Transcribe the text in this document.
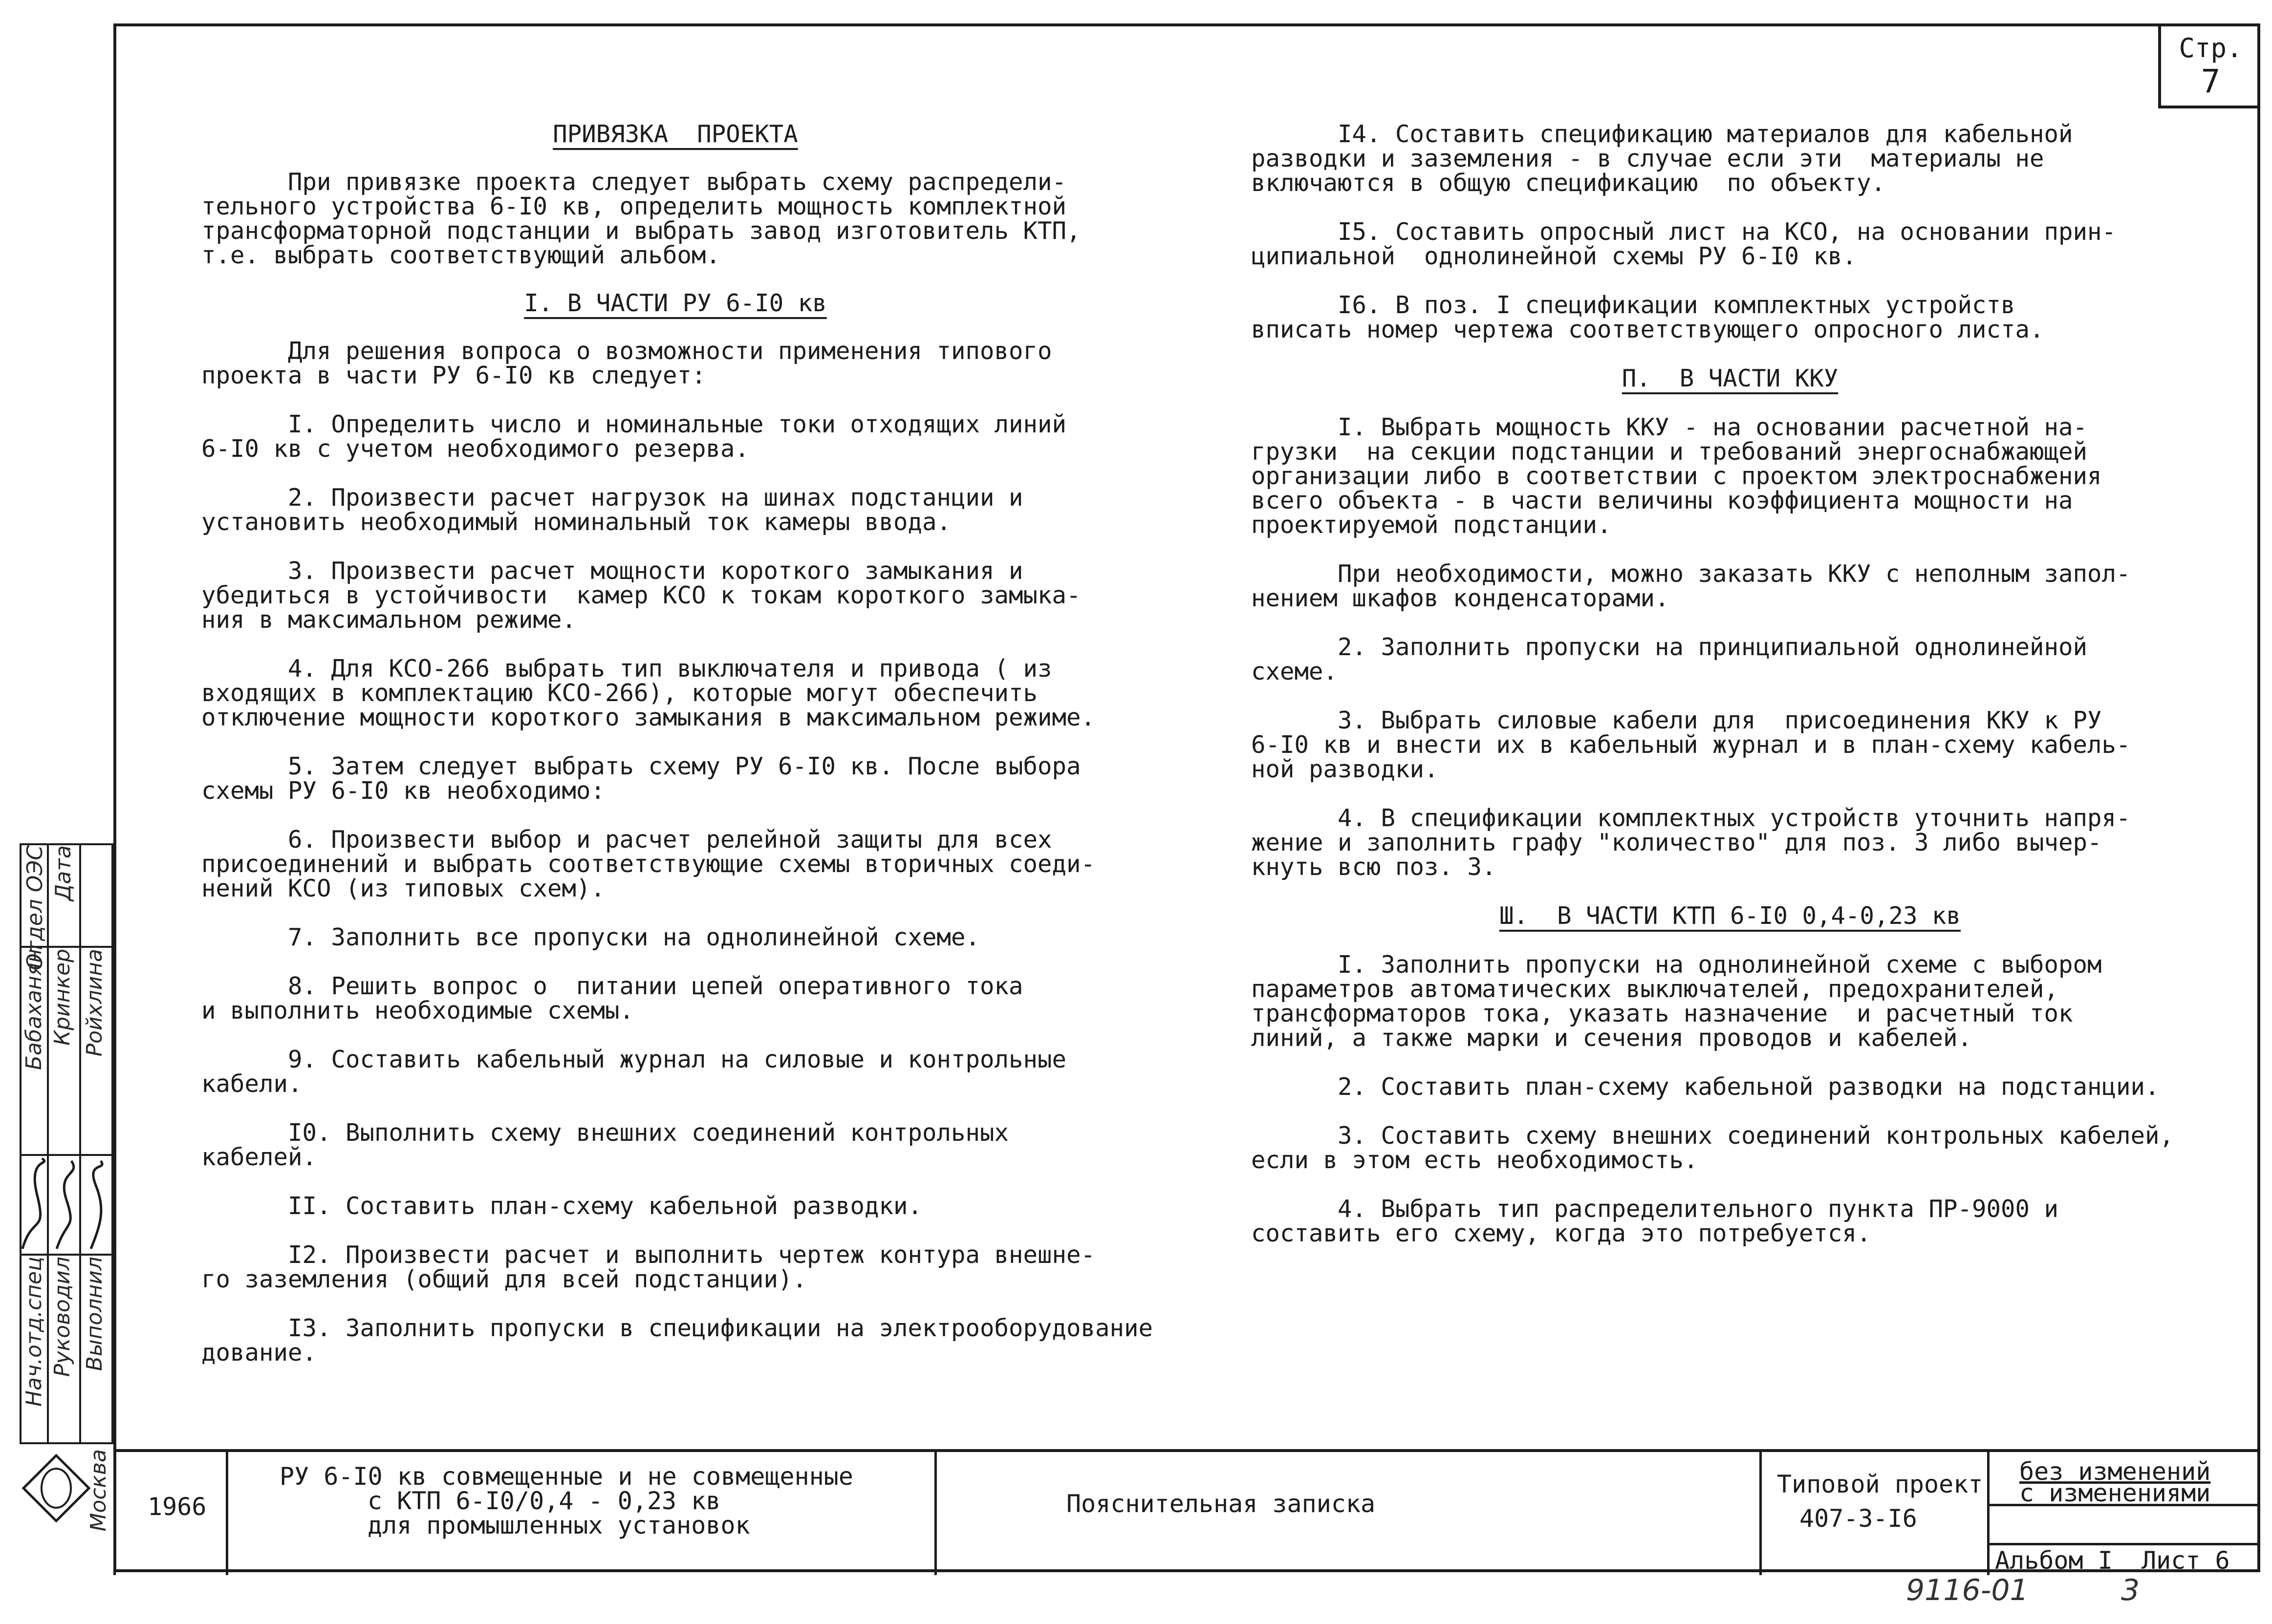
Стр.
7

ПРИВЯЗКА  ПРОЕКТА

При привязке проекта следует выбрать схему распредели-
тельного устройства 6-I0 кв, определить мощность комплектной
трансформаторной подстанции и выбрать завод изготовитель КТП,
т.е. выбрать соответствующий альбом.

I. В ЧАСТИ РУ 6-I0 кв

Для решения вопроса о возможности применения типового
проекта в части РУ 6-I0 кв следует:

I. Определить число и номинальные токи отходящих линий
6-I0 кв с учетом необходимого резерва.

2. Произвести расчет нагрузок на шинах подстанции и
установить необходимый номинальный ток камеры ввода.

3. Произвести расчет мощности короткого замыкания и
убедиться в устойчивости  камер КСО к токам короткого замыка-
ния в максимальном режиме.

4. Для КСО-266 выбрать тип выключателя и привода ( из
входящих в комплектацию КСО-266), которые могут обеспечить
отключение мощности короткого замыкания в максимальном режиме.

5. Затем следует выбрать схему РУ 6-I0 кв. После выбора
схемы РУ 6-I0 кв необходимо:

6. Произвести выбор и расчет релейной защиты для всех
присоединений и выбрать соответствующие схемы вторичных соеди-
нений КСО (из типовых схем).

7. Заполнить все пропуски на однолинейной схеме.

8. Решить вопрос о  питании цепей оперативного тока
и выполнить необходимые схемы.

9. Составить кабельный журнал на силовые и контрольные
кабели.

I0. Выполнить схему внешних соединений контрольных
кабелей.

II. Составить план-схему кабельной разводки.

I2. Произвести расчет и выполнить чертеж контура внешне-
го заземления (общий для всей подстанции).

I3. Заполнить пропуски в спецификации на электрооборудование
дование.

I4. Составить спецификацию материалов для кабельной
разводки и заземления - в случае если эти  материалы не
включаются в общую спецификацию  по объекту.

I5. Составить опросный лист на КСО, на основании прин-
ципиальной  однолинейной схемы РУ 6-I0 кв.

I6. В поз. I спецификации комплектных устройств
вписать номер чертежа соответствующего опросного листа.

П.  В ЧАСТИ ККУ

I. Выбрать мощность ККУ - на основании расчетной на-
грузки  на секции подстанции и требований энергоснабжающей
организации либо в соответствии с проектом электроснабжения
всего объекта - в части величины коэффициента мощности на
проектируемой подстанции.

При необходимости, можно заказать ККУ с неполным запол-
нением шкафов конденсаторами.

2. Заполнить пропуски на принципиальной однолинейной
схеме.

3. Выбрать силовые кабели для  присоединения ККУ к РУ
6-I0 кв и внести их в кабельный журнал и в план-схему кабель-
ной разводки.

4. В спецификации комплектных устройств уточнить напря-
жение и заполнить графу "количество" для поз. 3 либо вычер-
кнуть всю поз. 3.

Ш.  В ЧАСТИ КТП 6-I0 0,4-0,23 кв

I. Заполнить пропуски на однолинейной схеме с выбором
параметров автоматических выключателей, предохранителей,
трансформаторов тока, указать назначение  и расчетный ток
линий, а также марки и сечения проводов и кабелей.

2. Составить план-схему кабельной разводки на подстанции.

3. Составить схему внешних соединений контрольных кабелей,
если в этом есть необходимость.

4. Выбрать тип распределительного пункта ПР-9000 и
составить его схему, когда это потребуется.

Отдел ОЭС Дата
Бабаханян Кринкер Ройхлина
Нач.отд.спец Руководил Выполнил
Москва 1966
РУ 6-I0 кв совмещенные и не совмещенные
с КТП 6-I0/0,4 - 0,23 кв
для промышленных установок
Пояснительная записка
Типовой проект
407-3-I6
без изменений
с изменениями
Альбом I Лист 6
9116-01	3
